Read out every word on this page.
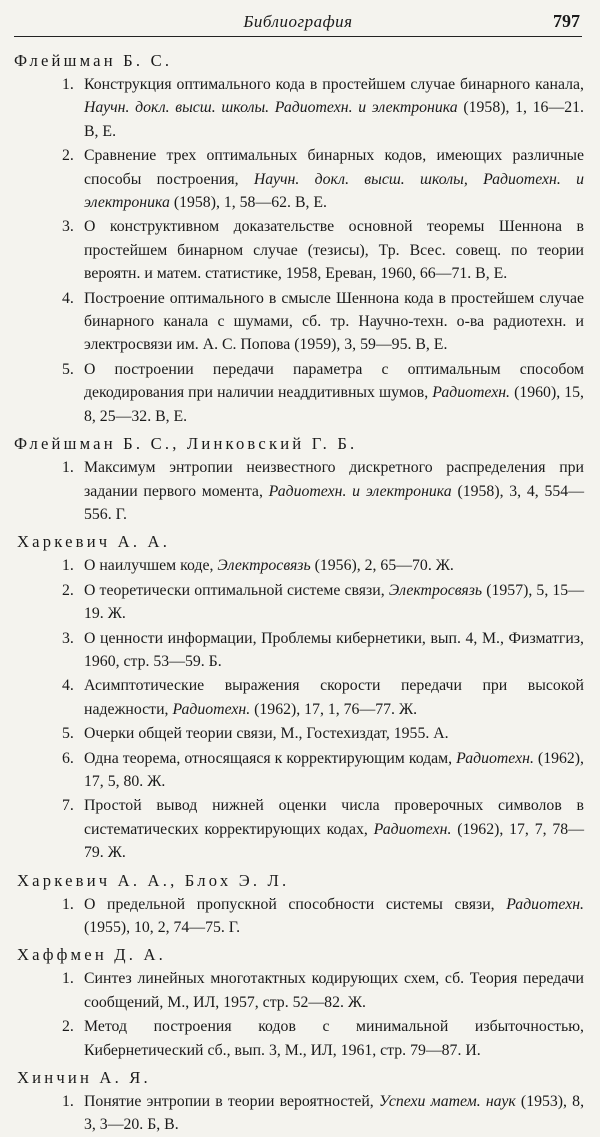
Библиография	797
Флейшман Б. С.
1. Конструкция оптимального кода в простейшем случае бинарного канала, Научн. докл. высш. школы. Радиотехн. и электроника (1958), 1, 16—21. В, Е.
2. Сравнение трех оптимальных бинарных кодов, имеющих различные способы построения, Научн. докл. высш. школы, Радиотехн. и электроника (1958), 1, 58—62. В, Е.
3. О конструктивном доказательстве основной теоремы Шеннона в простейшем бинарном случае (тезисы), Тр. Всес. совещ. по теории вероятн. и матем. статистике, 1958, Ереван, 1960, 66—71. В, Е.
4. Построение оптимального в смысле Шеннона кода в простейшем случае бинарного канала с шумами, сб. тр. Научно-техн. о-ва радиотехн. и электросвязи им. А. С. Попова (1959), 3, 59—95. В, Е.
5. О построении передачи параметра с оптимальным способом декодирования при наличии неаддитивных шумов, Радиотехн. (1960), 15, 8, 25—32. В, Е.
Флейшман Б. С., Линковский Г. Б.
1. Максимум энтропии неизвестного дискретного распределения при задании первого момента, Радиотехн. и электроника (1958), 3, 4, 554—556. Г.
Харкевич А. А.
1. О наилучшем коде, Электросвязь (1956), 2, 65—70. Ж.
2. О теоретически оптимальной системе связи, Электросвязь (1957), 5, 15—19. Ж.
3. О ценности информации, Проблемы кибернетики, вып. 4, М., Физматгиз, 1960, стр. 53—59. Б.
4. Асимптотические выражения скорости передачи при высокой надежности, Радиотехн. (1962), 17, 1, 76—77. Ж.
5. Очерки общей теории связи, М., Гостехиздат, 1955. А.
6. Одна теорема, относящаяся к корректирующим кодам, Радиотехн. (1962), 17, 5, 80. Ж.
7. Простой вывод нижней оценки числа проверочных символов в систематических корректирующих кодах, Радиотехн. (1962), 17, 7, 78—79. Ж.
Харкевич А. А., Блох Э. Л.
1. О предельной пропускной способности системы связи, Радиотехн. (1955), 10, 2, 74—75. Г.
Хаффмен Д. А.
1. Синтез линейных многотактных кодирующих схем, сб. Теория передачи сообщений, М., ИЛ, 1957, стр. 52—82. Ж.
2. Метод построения кодов с минимальной избыточностью, Кибернетический сб., вып. 3, М., ИЛ, 1961, стр. 79—87. И.
Хинчин А. Я.
1. Понятие энтропии в теории вероятностей, Успехи матем. наук (1953), 8, 3, 3—20. Б, В.
